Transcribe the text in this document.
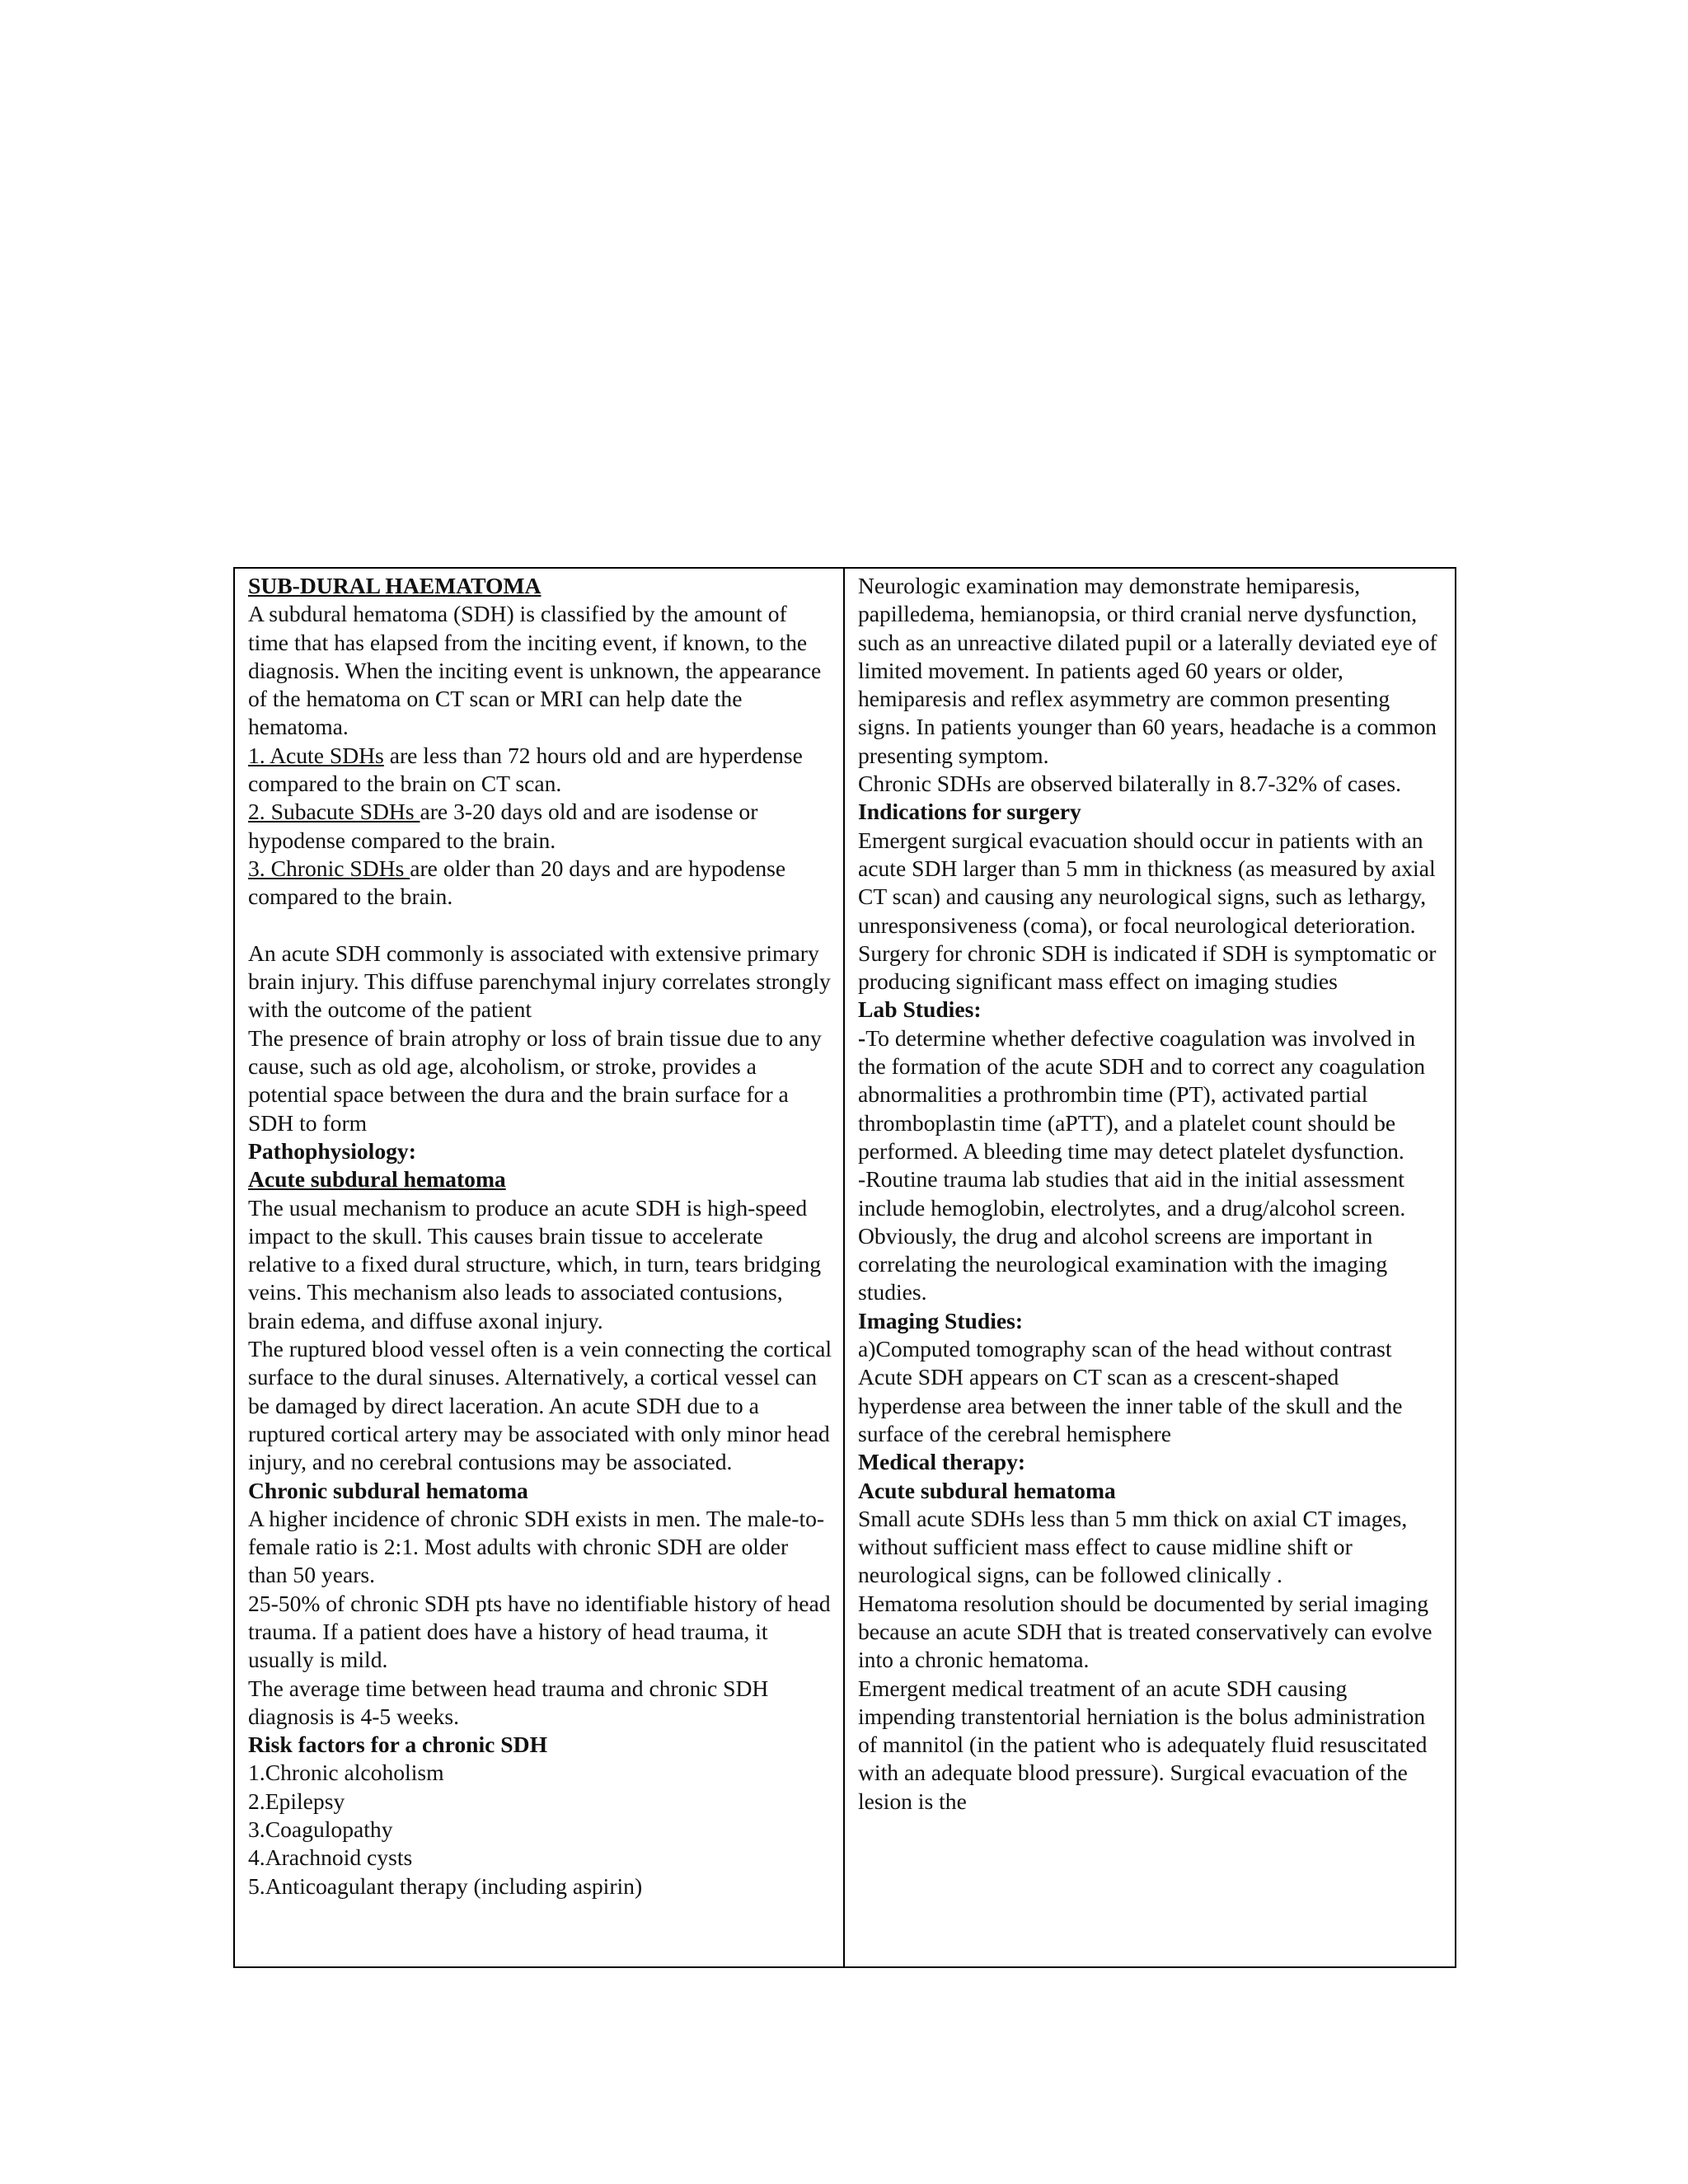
SUB-DURAL HAEMATOMA

A subdural hematoma (SDH) is classified by the amount of time that has elapsed from the inciting event, if known, to the diagnosis. When the inciting event is unknown, the appearance of the hematoma on CT scan or MRI can help date the hematoma.

1. Acute SDHs are less than 72 hours old and are hyperdense compared to the brain on CT scan.

2. Subacute SDHs are 3-20 days old and are isodense or hypodense compared to the brain.

3. Chronic SDHs are older than 20 days and are hypodense compared to the brain.

An acute SDH commonly is associated with extensive primary brain injury. This diffuse parenchymal injury correlates strongly with the outcome of the patient

The presence of brain atrophy or loss of brain tissue due to any cause, such as old age, alcoholism, or stroke, provides a potential space between the dura and the brain surface for a SDH to form

Pathophysiology:

Acute subdural hematoma

The usual mechanism to produce an acute SDH is high-speed impact to the skull. This causes brain tissue to accelerate relative to a fixed dural structure, which, in turn, tears bridging veins. This mechanism also leads to associated contusions, brain edema, and diffuse axonal injury.

The ruptured blood vessel often is a vein connecting the cortical surface to the dural sinuses. Alternatively, a cortical vessel can be damaged by direct laceration. An acute SDH due to a ruptured cortical artery may be associated with only minor head injury, and no cerebral contusions may be associated.

Chronic subdural hematoma

A higher incidence of chronic SDH exists in men. The male-to-female ratio is 2:1. Most adults with chronic SDH are older than 50 years.

25-50% of chronic SDH pts have no identifiable history of head trauma. If a patient does have a history of head trauma, it usually is mild.

The average time between head trauma and chronic SDH diagnosis is 4-5 weeks.

Risk factors for a chronic SDH

1.Chronic alcoholism

2.Epilepsy

3.Coagulopathy

4.Arachnoid cysts

5.Anticoagulant therapy (including aspirin)

Neurologic examination may demonstrate hemiparesis, papilledema, hemianopsia, or third cranial nerve dysfunction, such as an unreactive dilated pupil or a laterally deviated eye of limited movement. In patients aged 60 years or older, hemiparesis and reflex asymmetry are common presenting signs. In patients younger than 60 years, headache is a common presenting symptom.

Chronic SDHs are observed bilaterally in 8.7-32% of cases.

Indications for surgery

Emergent surgical evacuation should occur in patients with an acute SDH larger than 5 mm in thickness (as measured by axial CT scan) and causing any neurological signs, such as lethargy, unresponsiveness (coma), or focal neurological deterioration.

Surgery for chronic SDH is indicated if SDH is symptomatic or producing significant mass effect on imaging studies

Lab Studies:

-To determine whether defective coagulation was involved in the formation of the acute SDH and to correct any coagulation abnormalities a prothrombin time (PT), activated partial thromboplastin time (aPTT), and a platelet count should be performed. A bleeding time may detect platelet dysfunction.

-Routine trauma lab studies that aid in the initial assessment include hemoglobin, electrolytes, and a drug/alcohol screen. Obviously, the drug and alcohol screens are important in correlating the neurological examination with the imaging studies.

Imaging Studies:

a)Computed tomography scan of the head without contrast

Acute SDH appears on CT scan as a crescent-shaped hyperdense area between the inner table of the skull and the surface of the cerebral hemisphere

Medical therapy:

Acute subdural hematoma

Small acute SDHs less than 5 mm thick on axial CT images, without sufficient mass effect to cause midline shift or neurological signs, can be followed clinically .

Hematoma resolution should be documented by serial imaging because an acute SDH that is treated conservatively can evolve into a chronic hematoma.

Emergent medical treatment of an acute SDH causing impending transtentorial herniation is the bolus administration of mannitol (in the patient who is adequately fluid resuscitated with an adequate blood pressure). Surgical evacuation of the lesion is the
